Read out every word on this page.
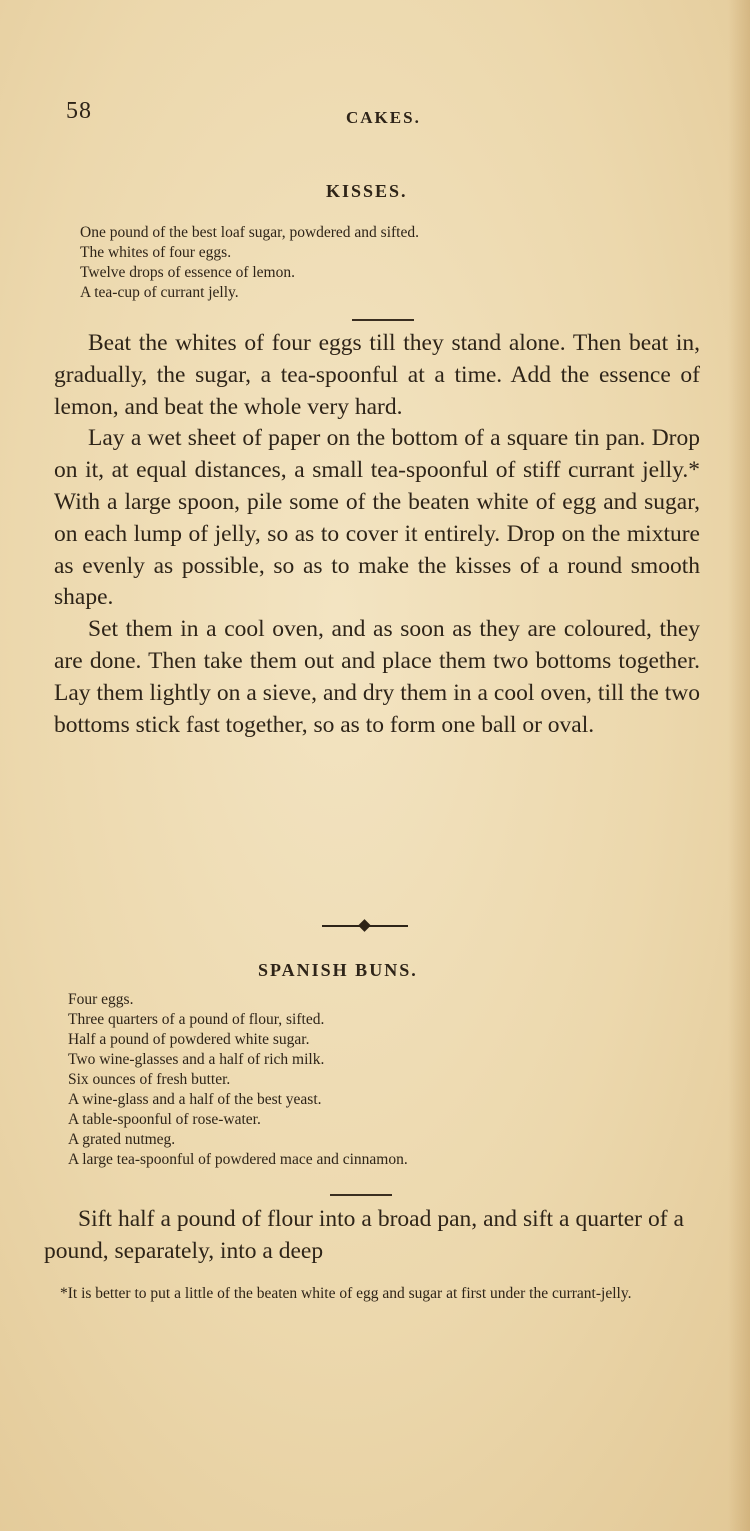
58	CAKES.
KISSES.
One pound of the best loaf sugar, powdered and sifted.
The whites of four eggs.
Twelve drops of essence of lemon.
A tea-cup of currant jelly.

Beat the whites of four eggs till they stand alone. Then beat in, gradually, the sugar, a tea-spoonful at a time. Add the essence of lemon, and beat the whole very hard.

Lay a wet sheet of paper on the bottom of a square tin pan. Drop on it, at equal distances, a small tea-spoonful of stiff currant jelly.* With a large spoon, pile some of the beaten white of egg and sugar, on each lump of jelly, so as to cover it entirely. Drop on the mixture as evenly as possible, so as to make the kisses of a round smooth shape.

Set them in a cool oven, and as soon as they are coloured, they are done. Then take them out and place them two bottoms together. Lay them lightly on a sieve, and dry them in a cool oven, till the two bottoms stick fast together, so as to form one ball or oval.

SPANISH BUNS.
Four eggs.
Three quarters of a pound of flour, sifted.
Half a pound of powdered white sugar.
Two wine-glasses and a half of rich milk.
Six ounces of fresh butter.
A wine-glass and a half of the best yeast.
A table-spoonful of rose-water.
A grated nutmeg.
A large tea-spoonful of powdered mace and cinnamon.

Sift half a pound of flour into a broad pan, and sift a quarter of a pound, separately, into a deep

*It is better to put a little of the beaten white of egg and sugar at first under the currant-jelly.
